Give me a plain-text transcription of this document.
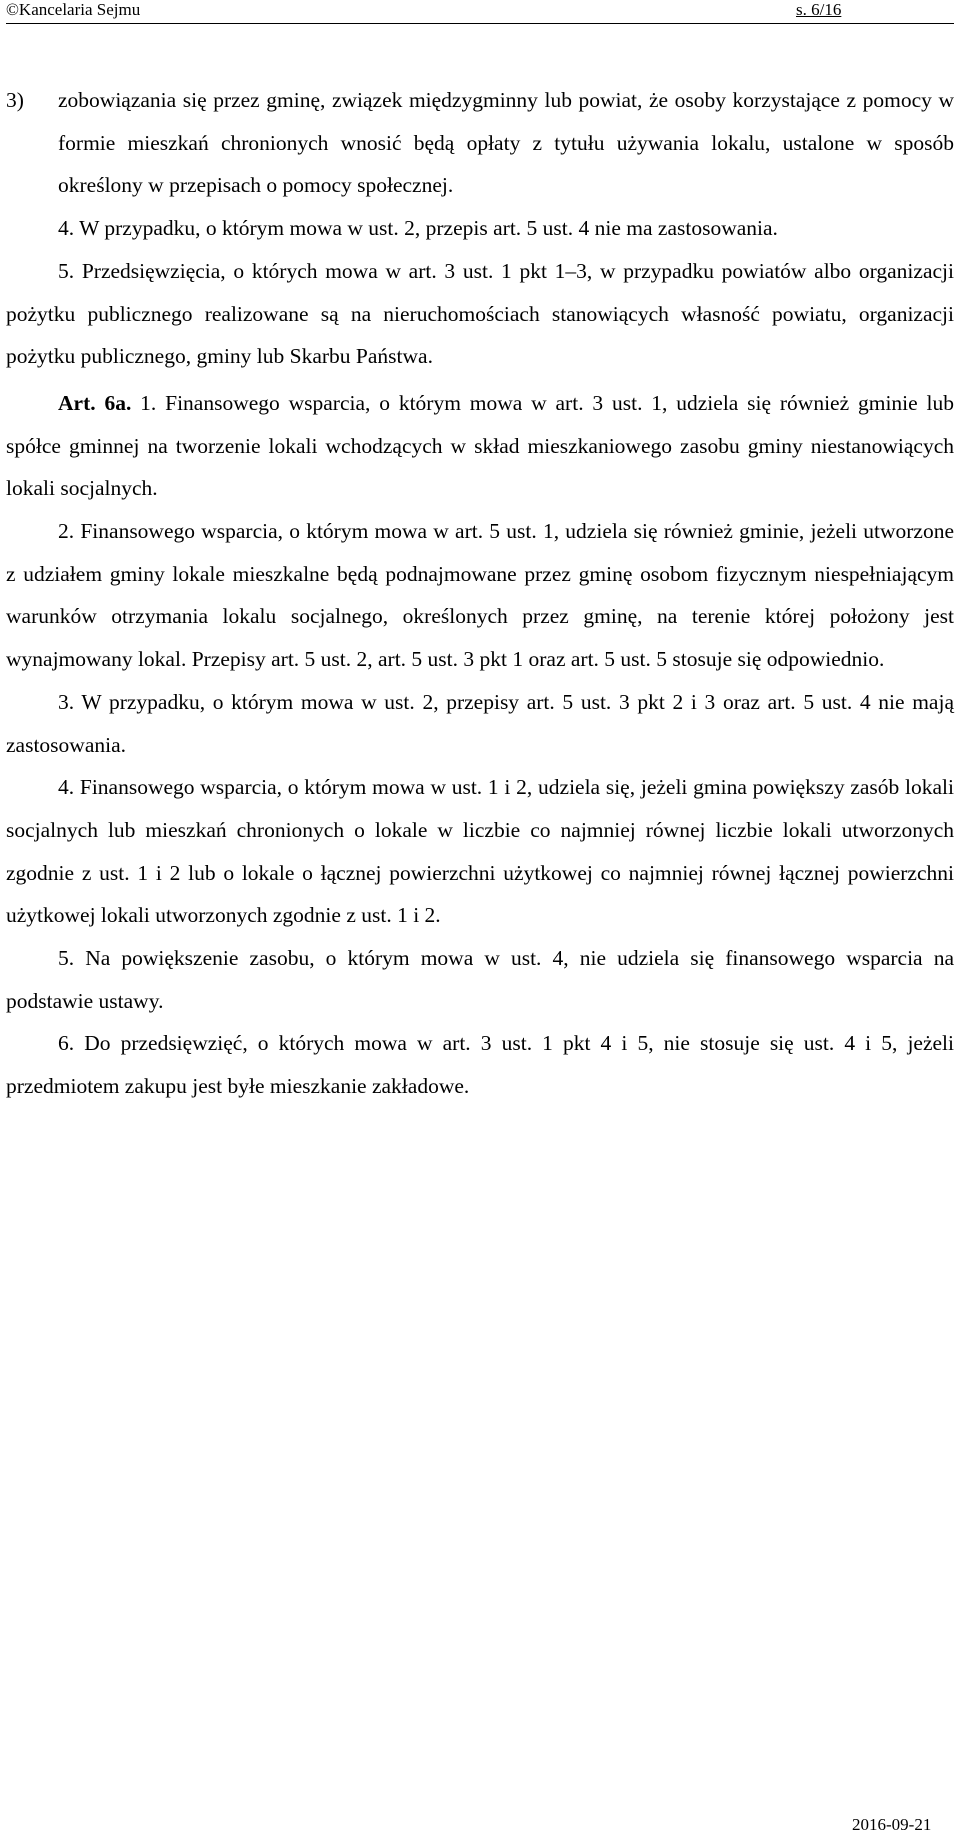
©Kancelaria Sejmu	s. 6/16

3) zobowiązania się przez gminę, związek międzygminny lub powiat, że osoby korzystające z pomocy w formie mieszkań chronionych wnosić będą opłaty z tytułu używania lokalu, ustalone w sposób określony w przepisach o pomocy społecznej.

4. W przypadku, o którym mowa w ust. 2, przepis art. 5 ust. 4 nie ma zastosowania.

5. Przedsięwzięcia, o których mowa w art. 3 ust. 1 pkt 1–3, w przypadku powiatów albo organizacji pożytku publicznego realizowane są na nieruchomościach stanowiących własność powiatu, organizacji pożytku publicznego, gminy lub Skarbu Państwa.

Art. 6a. 1. Finansowego wsparcia, o którym mowa w art. 3 ust. 1, udziela się również gminie lub spółce gminnej na tworzenie lokali wchodzących w skład mieszkaniowego zasobu gminy niestanowiących lokali socjalnych.

2. Finansowego wsparcia, o którym mowa w art. 5 ust. 1, udziela się również gminie, jeżeli utworzone z udziałem gminy lokale mieszkalne będą podnajmowane przez gminę osobom fizycznym niespełniającym warunków otrzymania lokalu socjalnego, określonych przez gminę, na terenie której położony jest wynajmowany lokal. Przepisy art. 5 ust. 2, art. 5 ust. 3 pkt 1 oraz art. 5 ust. 5 stosuje się odpowiednio.

3. W przypadku, o którym mowa w ust. 2, przepisy art. 5 ust. 3 pkt 2 i 3 oraz art. 5 ust. 4 nie mają zastosowania.

4. Finansowego wsparcia, o którym mowa w ust. 1 i 2, udziela się, jeżeli gmina powiększy zasób lokali socjalnych lub mieszkań chronionych o lokale w liczbie co najmniej równej liczbie lokali utworzonych zgodnie z ust. 1 i 2 lub o lokale o łącznej powierzchni użytkowej co najmniej równej łącznej powierzchni użytkowej lokali utworzonych zgodnie z ust. 1 i 2.

5. Na powiększenie zasobu, o którym mowa w ust. 4, nie udziela się finansowego wsparcia na podstawie ustawy.

6. Do przedsięwzięć, o których mowa w art. 3 ust. 1 pkt 4 i 5, nie stosuje się ust. 4 i 5, jeżeli przedmiotem zakupu jest byłe mieszkanie zakładowe.

2016-09-21
